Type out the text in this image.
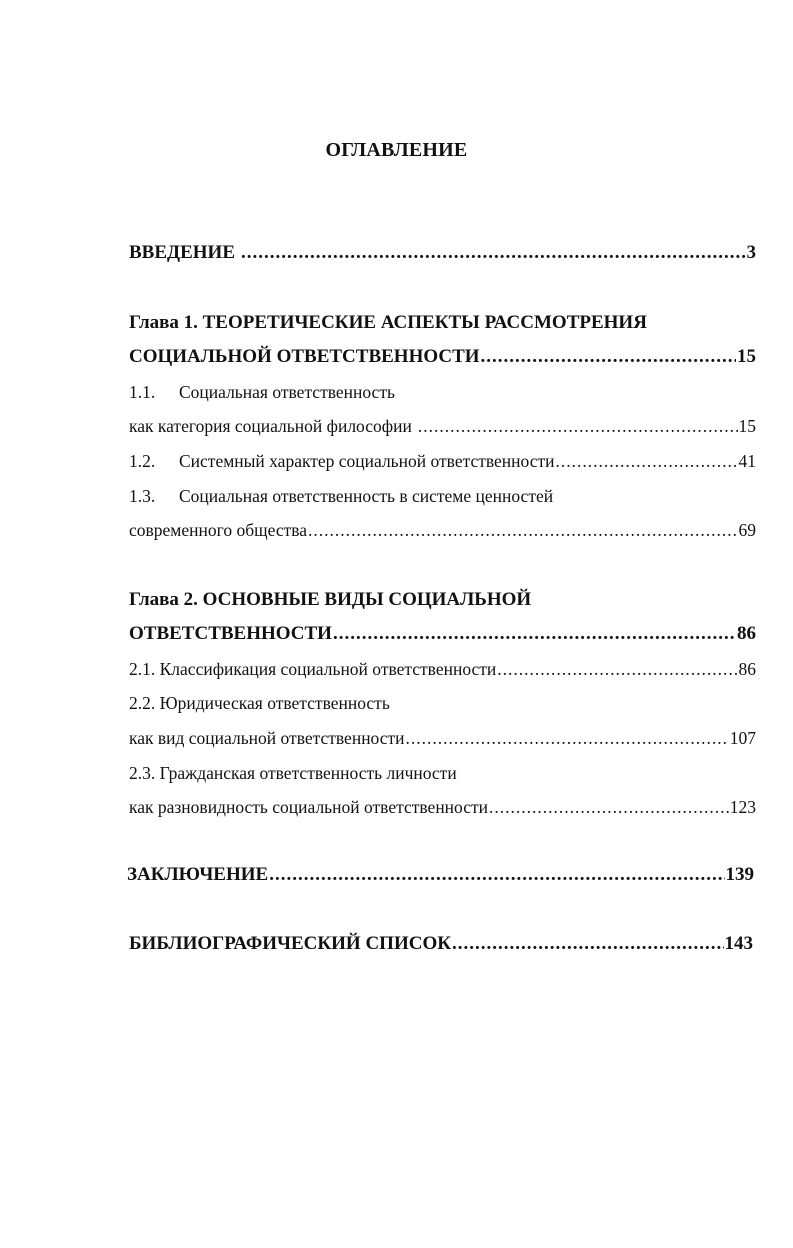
ОГЛАВЛЕНИЕ
ВВЕДЕНИЕ .....	3
Глава 1. ТЕОРЕТИЧЕСКИЕ АСПЕКТЫ РАССМОТРЕНИЯ
СОЦИАЛЬНОЙ ОТВЕТСТВЕННОСТИ .....	15
1.1. Социальная ответственность
как категория социальной философии .....	15
1.2. Системный характер социальной ответственности .....	41
1.3. Социальная ответственность в системе ценностей
современного общества .....	69
Глава 2. ОСНОВНЫЕ ВИДЫ СОЦИАЛЬНОЙ
ОТВЕТСТВЕННОСТИ .....	86
2.1. Классификация социальной ответственности .....	86
2.2. Юридическая ответственность
как вид социальной ответственности .....	107
2.3. Гражданская ответственность личности
как разновидность социальной ответственности .....	123
ЗАКЛЮЧЕНИЕ .....	139
БИБЛИОГРАФИЧЕСКИЙ СПИСОК .....	143
